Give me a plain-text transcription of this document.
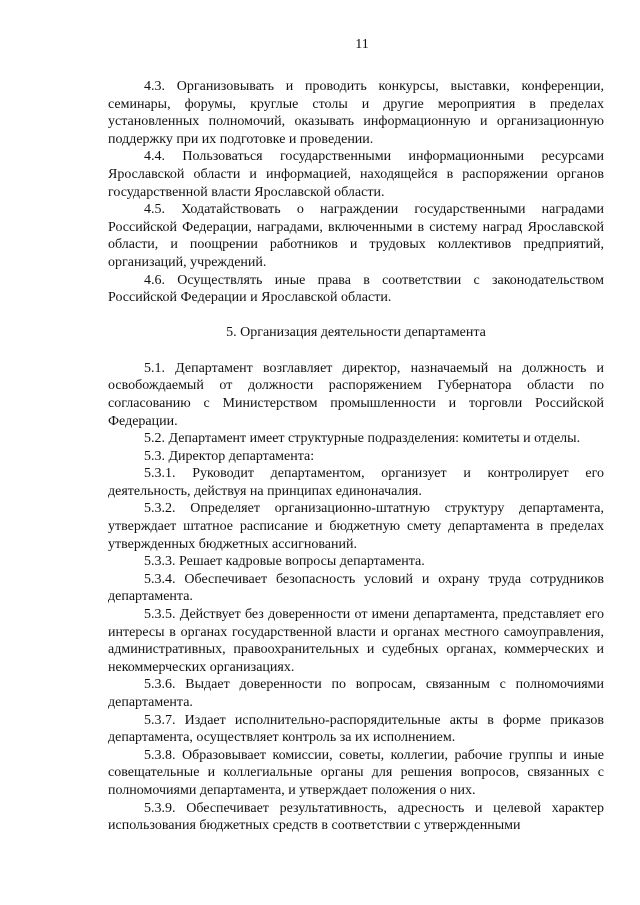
11

4.3. Организовывать и проводить конкурсы, выставки, конференции, семинары, форумы, круглые столы и другие мероприятия в пределах установленных полномочий, оказывать информационную и организационную поддержку при их подготовке и проведении.

4.4. Пользоваться государственными информационными ресурсами Ярославской области и информацией, находящейся в распоряжении органов государственной власти Ярославской области.

4.5. Ходатайствовать о награждении государственными наградами Российской Федерации, наградами, включенными в систему наград Ярославской области, и поощрении работников и трудовых коллективов предприятий, организаций, учреждений.

4.6. Осуществлять иные права в соответствии с законодательством Российской Федерации и Ярославской области.

5. Организация деятельности департамента

5.1. Департамент возглавляет директор, назначаемый на должность и освобождаемый от должности распоряжением Губернатора области по согласованию с Министерством промышленности и торговли Российской Федерации.

5.2. Департамент имеет структурные подразделения: комитеты и отделы.

5.3. Директор департамента:

5.3.1. Руководит департаментом, организует и контролирует его деятельность, действуя на принципах единоначалия.

5.3.2. Определяет организационно-штатную структуру департамента, утверждает штатное расписание и бюджетную смету департамента в пределах утвержденных бюджетных ассигнований.

5.3.3. Решает кадровые вопросы департамента.

5.3.4. Обеспечивает безопасность условий и охрану труда сотрудников департамента.

5.3.5. Действует без доверенности от имени департамента, представляет его интересы в органах государственной власти и органах местного самоуправления, административных, правоохранительных и судебных органах, коммерческих и некоммерческих организациях.

5.3.6. Выдает доверенности по вопросам, связанным с полномочиями департамента.

5.3.7. Издает исполнительно-распорядительные акты в форме приказов департамента, осуществляет контроль за их исполнением.

5.3.8. Образовывает комиссии, советы, коллегии, рабочие группы и иные совещательные и коллегиальные органы для решения вопросов, связанных с полномочиями департамента, и утверждает положения о них.

5.3.9. Обеспечивает результативность, адресность и целевой характер использования бюджетных средств в соответствии с утвержденными
